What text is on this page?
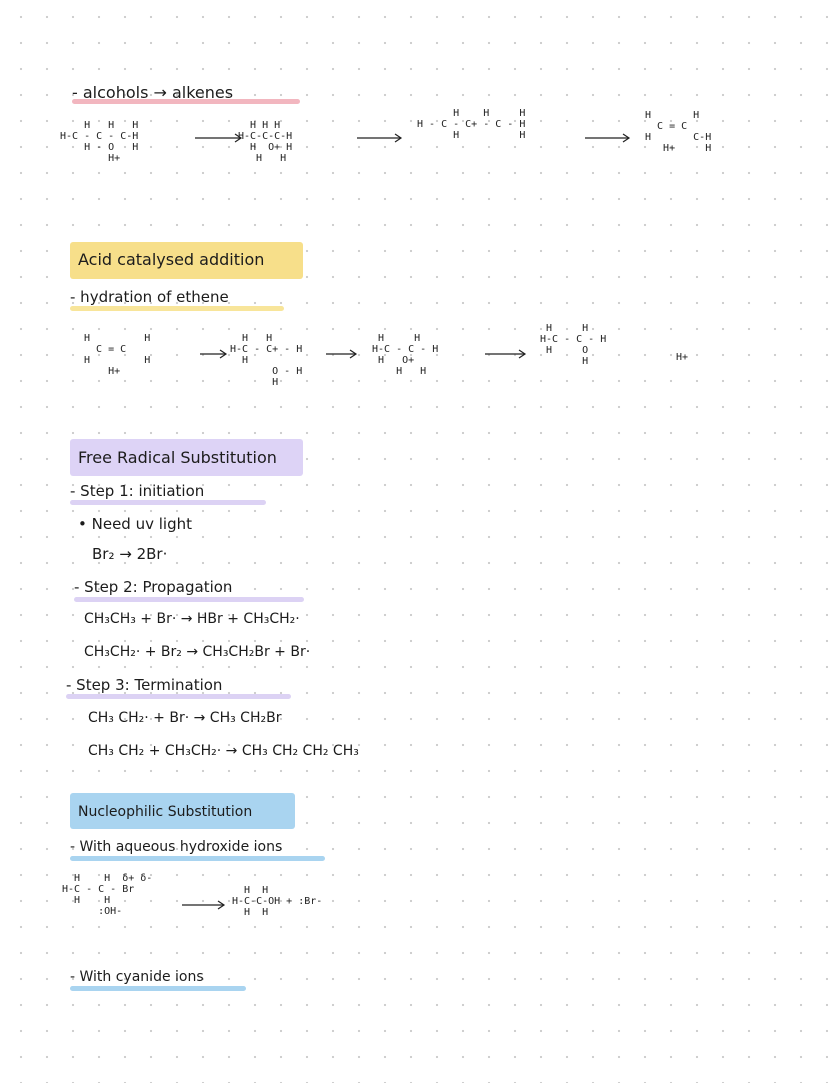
- alcohols → alkenes
H   H   H
H-C - C - C-H
H - O   H
H+
H H H
H-C-C-C-H
H  O+ H
H   H
H    H     H
H - C - C+ - C - H
H          H
H       H
C = C
H       C-H
H+     H
Acid catalysed addition
- hydration of ethene
H         H
C = C
H         H
H+
H   H
H-C - C+ - H
H
O - H
H
H     H
H-C - C - H
H   O+
H   H
H     H
H-C - C - H
H     O
H	H+
Free Radical Substitution
- Step 1: initiation
• Need uv light
Br₂ → 2Br·
- Step 2: Propagation
CH₃CH₃ + Br· → HBr + CH₃CH₂·
CH₃CH₂· + Br₂ → CH₃CH₂Br + Br·
- Step 3: Termination
CH₃ CH₂· + Br· → CH₃ CH₂Br
CH₃ CH₂ + CH₃CH₂· → CH₃ CH₂ CH₂ CH₃
Nucleophilic Substitution
- With aqueous hydroxide ions
H    H  δ+ δ-
H-C - C - Br
H    H
:OH-
H  H
H-C-C-OH + :Br-
H  H
- With cyanide ions
